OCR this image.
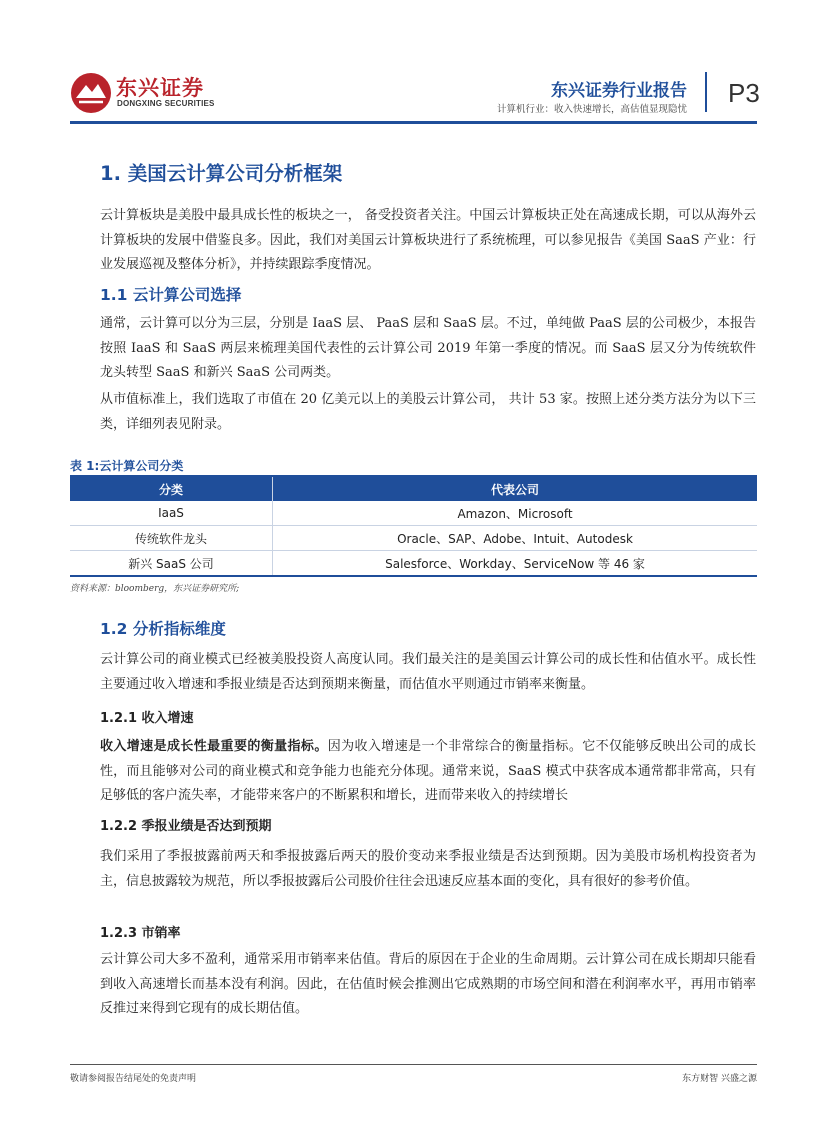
东兴证券
DONGXING SECURITIES
东兴证券行业报告
计算机行业：收入快速增长，高估值显现隐忧
P3
1. 美国云计算公司分析框架

云计算板块是美股中最具成长性的板块之一， 备受投资者关注。中国云计算板块正处在高速成长期，可以从海外云计算板块的发展中借鉴良多。因此，我们对美国云计算板块进行了系统梳理，可以参见报告《美国 SaaS 产业：行业发展巡视及整体分析》，并持续跟踪季度情况。

1.1 云计算公司选择

通常，云计算可以分为三层，分别是 IaaS 层、 PaaS 层和 SaaS 层。不过，单纯做 PaaS 层的公司极少，本报告按照 IaaS 和 SaaS 两层来梳理美国代表性的云计算公司 2019 年第一季度的情况。而 SaaS 层又分为传统软件龙头转型 SaaS 和新兴 SaaS 公司两类。

从市值标准上，我们选取了市值在 20 亿美元以上的美股云计算公司， 共计 53 家。按照上述分类方法分为以下三类，详细列表见附录。

表 1:云计算公司分类
分类	代表公司
IaaS	Amazon、Microsoft
传统软件龙头	Oracle、SAP、Adobe、Intuit、Autodesk
新兴 SaaS 公司	Salesforce、Workday、ServiceNow 等 46 家
资料来源：bloomberg，东兴证券研究所;
1.2 分析指标维度

云计算公司的商业模式已经被美股投资人高度认同。我们最关注的是美国云计算公司的成长性和估值水平。成长性主要通过收入增速和季报业绩是否达到预期来衡量，而估值水平则通过市销率来衡量。

1.2.1 收入增速

收入增速是成长性最重要的衡量指标。因为收入增速是一个非常综合的衡量指标。它不仅能够反映出公司的成长性，而且能够对公司的商业模式和竞争能力也能充分体现。通常来说，SaaS 模式中获客成本通常都非常高，只有足够低的客户流失率，才能带来客户的不断累积和增长，进而带来收入的持续增长

1.2.2 季报业绩是否达到预期

我们采用了季报披露前两天和季报披露后两天的股价变动来季报业绩是否达到预期。因为美股市场机构投资者为主，信息披露较为规范，所以季报披露后公司股价往往会迅速反应基本面的变化，具有很好的参考价值。

1.2.3 市销率

云计算公司大多不盈利，通常采用市销率来估值。背后的原因在于企业的生命周期。云计算公司在成长期却只能看到收入高速增长而基本没有利润。因此，在估值时候会推测出它成熟期的市场空间和潜在利润率水平，再用市销率反推过来得到它现有的成长期估值。

敬请参阅报告结尾处的免责声明	东方财智 兴盛之源
